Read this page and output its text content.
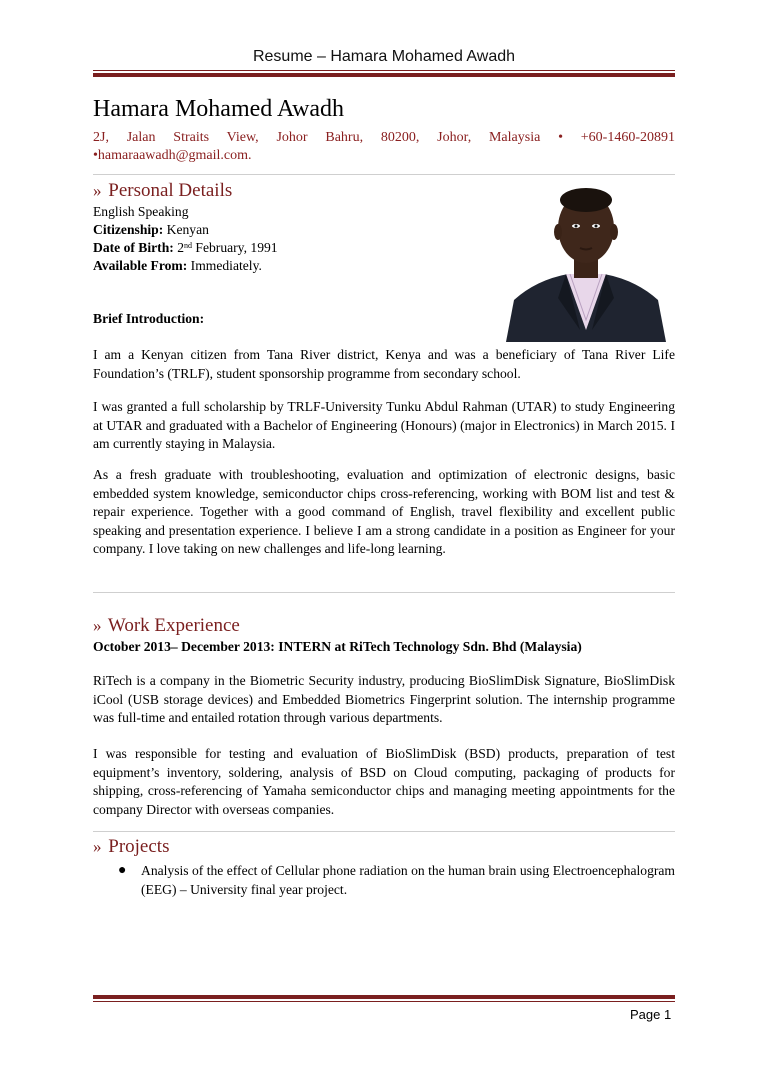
Resume – Hamara Mohamed Awadh
Hamara Mohamed Awadh
2J, Jalan Straits View, Johor Bahru, 80200, Johor, Malaysia • +60-1460-20891 •hamaraawadh@gmail.com.
» Personal Details
English Speaking
Citizenship: Kenyan
Date of Birth: 2nd February, 1991
Available From: Immediately.
Brief Introduction:
I am a Kenyan citizen from Tana River district, Kenya and was a beneficiary of Tana River Life Foundation’s (TRLF), student sponsorship programme from secondary school.
I was granted a full scholarship by TRLF-University Tunku Abdul Rahman (UTAR) to study Engineering at UTAR and graduated with a Bachelor of Engineering (Honours) (major in Electronics) in March 2015. I am currently staying in Malaysia.
As a fresh graduate with troubleshooting, evaluation and optimization of electronic designs, basic embedded system knowledge, semiconductor chips cross-referencing, working with BOM list and test & repair experience. Together with a good command of English, travel flexibility and excellent public speaking and presentation experience. I believe I am a strong candidate in a position as Engineer for your company. I love taking on new challenges and life-long learning.
» Work Experience
October 2013– December 2013: INTERN at RiTech Technology Sdn. Bhd (Malaysia)
RiTech is a company in the Biometric Security industry, producing BioSlimDisk Signature, BioSlimDisk iCool (USB storage devices) and Embedded Biometrics Fingerprint solution. The internship programme was full-time and entailed rotation through various departments.
I was responsible for testing and evaluation of BioSlimDisk (BSD) products, preparation of test equipment’s inventory, soldering, analysis of BSD on Cloud computing, packaging of products for shipping, cross-referencing of Yamaha semiconductor chips and managing meeting appointments for the company Director with overseas companies.
» Projects
●	Analysis of the effect of Cellular phone radiation on the human brain using Electroencephalogram (EEG) – University final year project.
Page 1
